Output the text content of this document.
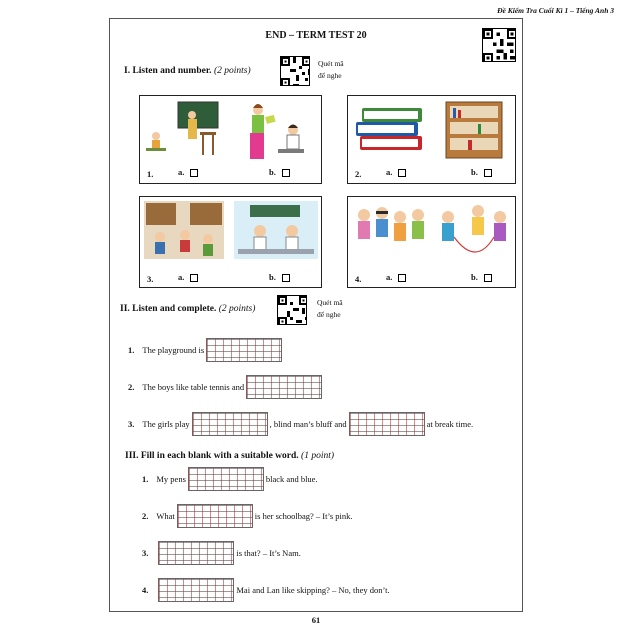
Đề Kiểm Tra Cuối Kì 1 – Tiếng Anh 3
END – TERM TEST 20
I. Listen and number. (2 points)
Quét mã
để nghe
1.	a.	b.	2.	a.	b.
3.	a.	b.	4.	a.	b.
II. Listen and complete. (2 points)
Quét mã
để nghe
1. The playground is
2. The boys like table tennis and
3. The girls play	, blind man’s bluff and	at break time.
III. Fill in each blank with a suitable word. (1 point)
1. My pens	black and blue.
2. What	is her schoolbag? – It’s pink.
3.	is that? – It’s Nam.
4.	Mai and Lan like skipping? – No, they don’t.
61
